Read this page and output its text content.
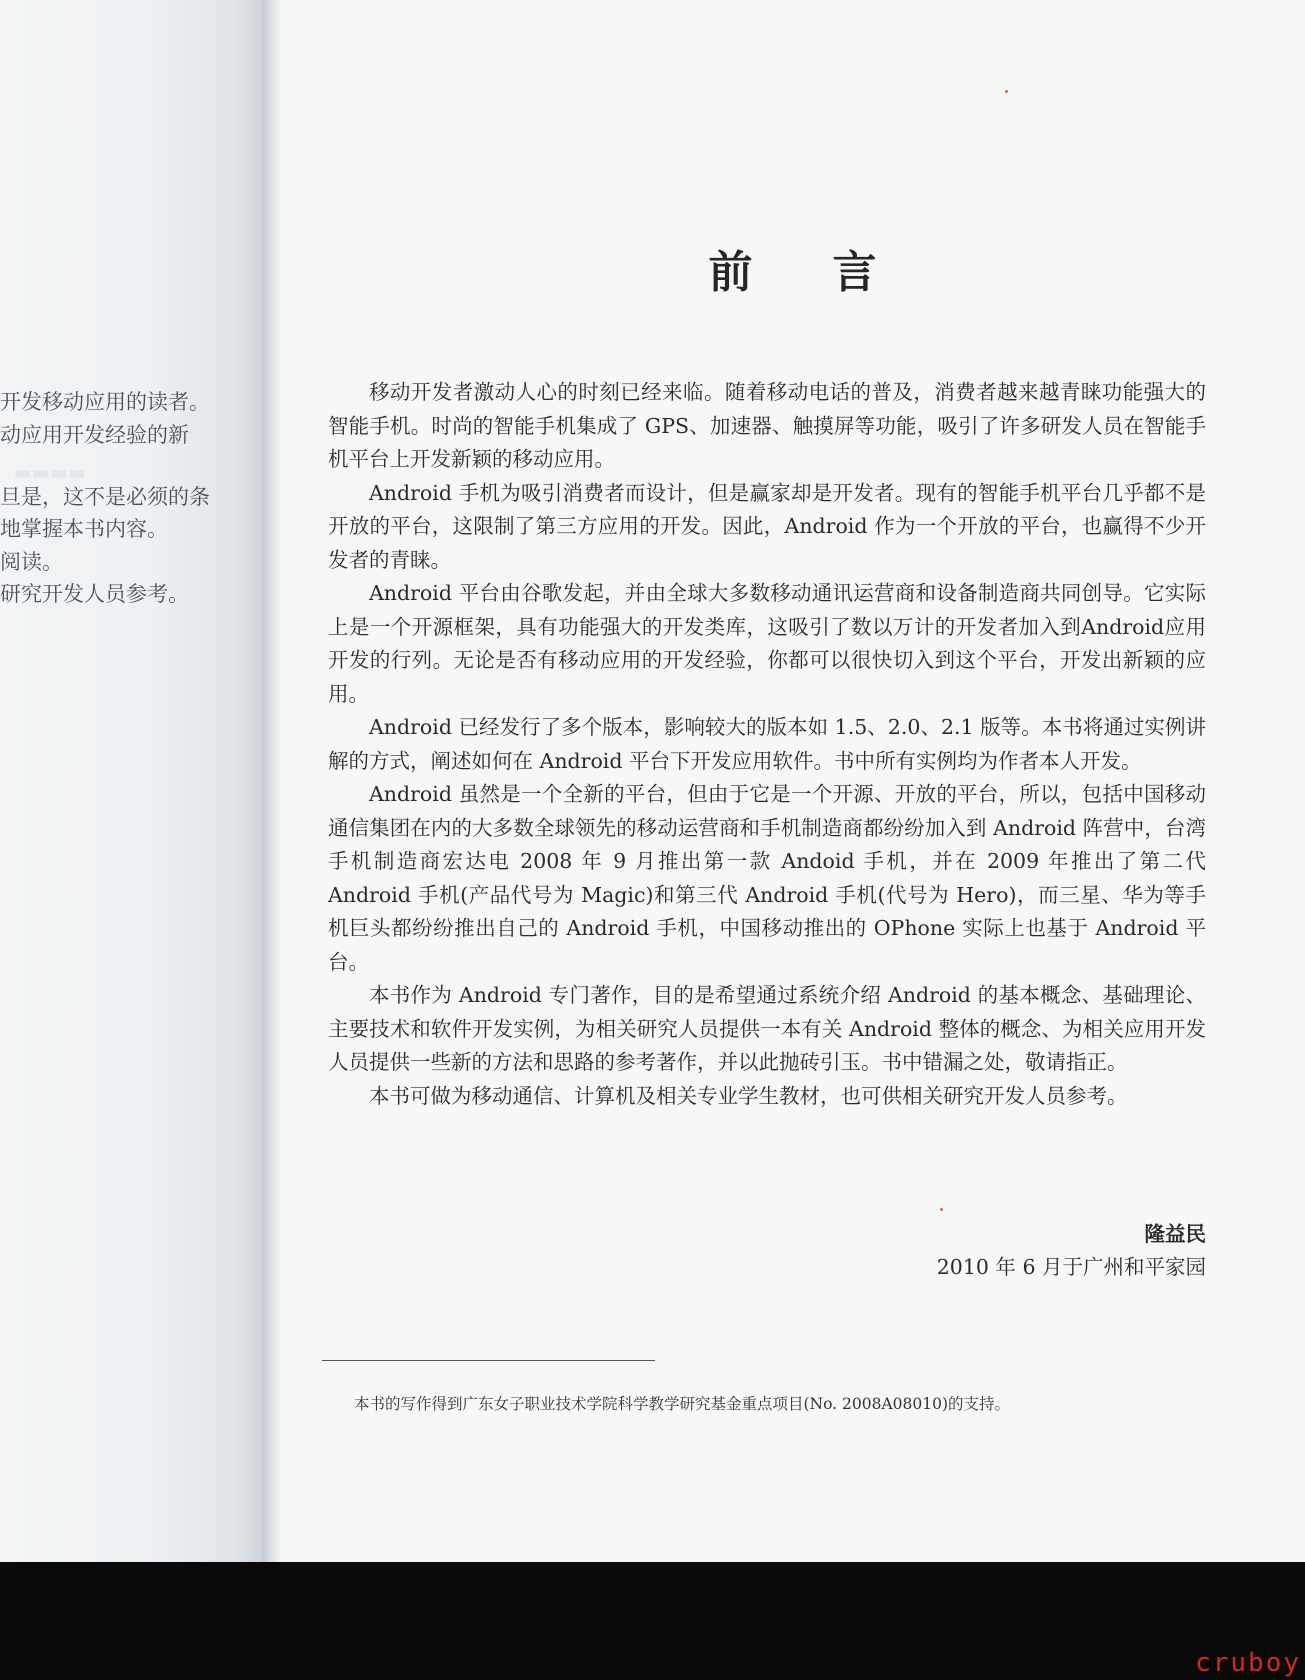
▬▬▬▬
开发移动应用的读者。
动应用开发经验的新
旦是，这不是必须的条
地掌握本书内容。
阅读。
研究开发人员参考。
前言

移动开发者激动人心的时刻已经来临。随着移动电话的普及，消费者越来越青睐功能强大的智能手机。时尚的智能手机集成了 GPS、加速器、触摸屏等功能，吸引了许多研发人员在智能手机平台上开发新颖的移动应用。

Android 手机为吸引消费者而设计，但是赢家却是开发者。现有的智能手机平台几乎都不是开放的平台，这限制了第三方应用的开发。因此，Android 作为一个开放的平台，也赢得不少开发者的青睐。

Android 平台由谷歌发起，并由全球大多数移动通讯运营商和设备制造商共同创导。它实际上是一个开源框架，具有功能强大的开发类库，这吸引了数以万计的开发者加入到Android应用开发的行列。无论是否有移动应用的开发经验，你都可以很快切入到这个平台，开发出新颖的应用。

Android 已经发行了多个版本，影响较大的版本如 1.5、2.0、2.1 版等。本书将通过实例讲解的方式，阐述如何在 Android 平台下开发应用软件。书中所有实例均为作者本人开发。

Android 虽然是一个全新的平台，但由于它是一个开源、开放的平台，所以，包括中国移动通信集团在内的大多数全球领先的移动运营商和手机制造商都纷纷加入到 Android 阵营中，台湾手机制造商宏达电 2008 年 9 月推出第一款 Andoid 手机，并在 2009 年推出了第二代 Android 手机(产品代号为 Magic)和第三代 Android 手机(代号为 Hero)，而三星、华为等手机巨头都纷纷推出自己的 Android 手机，中国移动推出的 OPhone 实际上也基于 Android 平台。

本书作为 Android 专门著作，目的是希望通过系统介绍 Android 的基本概念、基础理论、主要技术和软件开发实例，为相关研究人员提供一本有关 Android 整体的概念、为相关应用开发人员提供一些新的方法和思路的参考著作，并以此抛砖引玉。书中错漏之处，敬请指正。

本书可做为移动通信、计算机及相关专业学生教材，也可供相关研究开发人员参考。

隆益民
2010 年 6 月于广州和平家园
本书的写作得到广东女子职业技术学院科学教学研究基金重点项目(No. 2008A08010)的支持。
cruboy
